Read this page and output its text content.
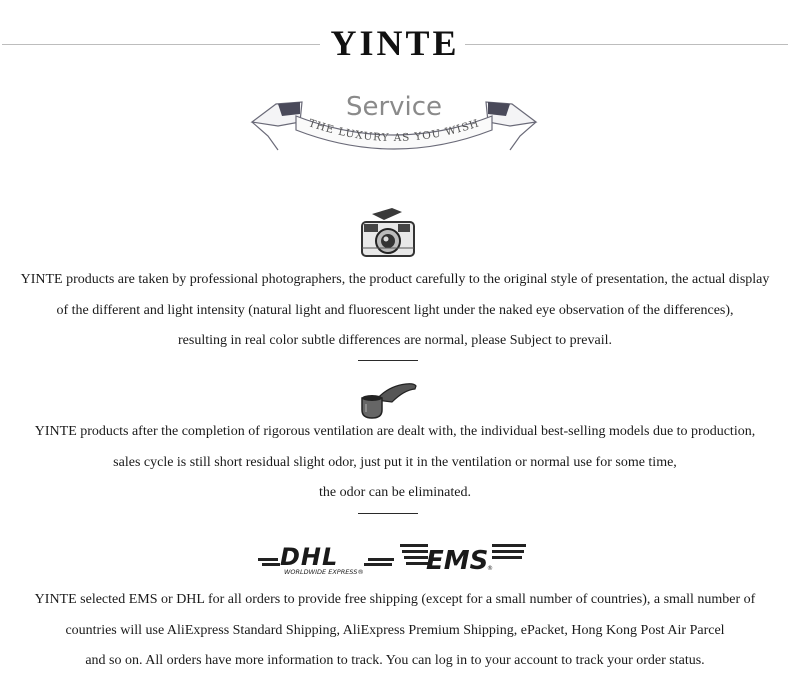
YINTE
THE LUXURY AS YOU WISH
Service

YINTE products are taken by professional photographers, the product carefully to the original style of presentation, the actual display

of the different and light intensity (natural light and fluorescent light under the naked eye observation of the differences),

resulting in real color subtle differences are normal, please Subject to prevail.

YINTE products after the completion of rigorous ventilation are dealt with, the individual best-selling models due to production,

sales cycle is still short residual slight odor, just put it in the ventilation or normal use for some time,

the odor can be eliminated.

DHL
WORLDWIDE EXPRESS® EMS
®

YINTE selected EMS or DHL for all orders to provide free shipping (except for a small number of countries), a small number of

countries will use AliExpress Standard Shipping, AliExpress Premium Shipping, ePacket, Hong Kong Post Air Parcel

and so on. All orders have more information to track. You can log in to your account to track your order status.
